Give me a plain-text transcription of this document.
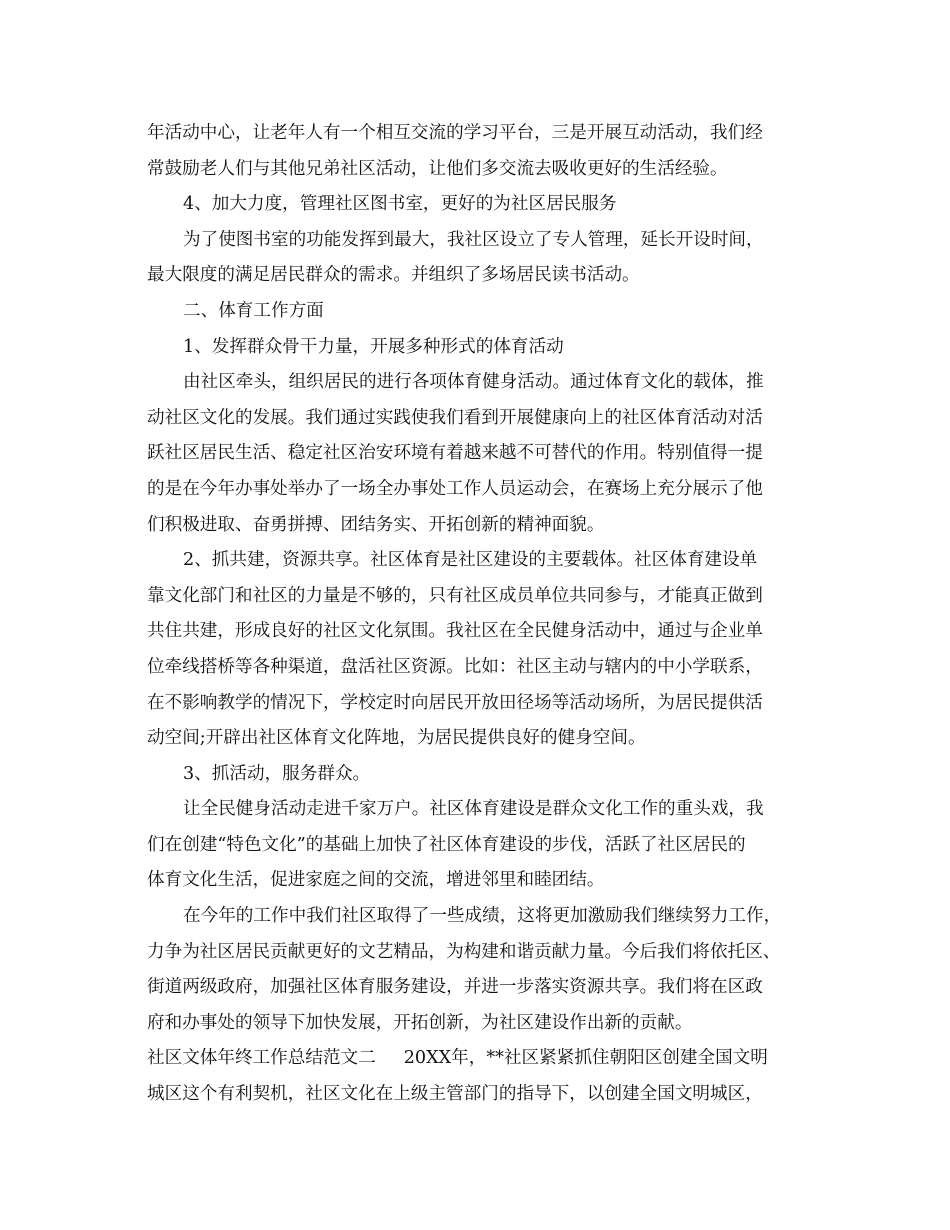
年活动中心，让老年人有一个相互交流的学习平台，三是开展互动活动，我们经
常鼓励老人们与其他兄弟社区活动，让他们多交流去吸收更好的生活经验。
4、加大力度，管理社区图书室，更好的为社区居民服务
为了使图书室的功能发挥到最大，我社区设立了专人管理，延长开设时间，
最大限度的满足居民群众的需求。并组织了多场居民读书活动。
二、体育工作方面
1、发挥群众骨干力量，开展多种形式的体育活动
由社区牵头，组织居民的进行各项体育健身活动。通过体育文化的载体，推
动社区文化的发展。我们通过实践使我们看到开展健康向上的社区体育活动对活
跃社区居民生活、稳定社区治安环境有着越来越不可替代的作用。特别值得一提
的是在今年办事处举办了一场全办事处工作人员运动会，在赛场上充分展示了他
们积极进取、奋勇拼搏、团结务实、开拓创新的精神面貌。
2、抓共建，资源共享。社区体育是社区建设的主要载体。社区体育建设单
靠文化部门和社区的力量是不够的，只有社区成员单位共同参与，才能真正做到
共住共建，形成良好的社区文化氛围。我社区在全民健身活动中，通过与企业单
位牵线搭桥等各种渠道，盘活社区资源。比如：社区主动与辖内的中小学联系，
在不影响教学的情况下，学校定时向居民开放田径场等活动场所，为居民提供活
动空间;开辟出社区体育文化阵地，为居民提供良好的健身空间。
3、抓活动，服务群众。
让全民健身活动走进千家万户。社区体育建设是群众文化工作的重头戏，我
们在创建“特色文化”的基础上加快了社区体育建设的步伐，活跃了社区居民的
体育文化生活，促进家庭之间的交流，增进邻里和睦团结。
在今年的工作中我们社区取得了一些成绩，这将更加激励我们继续努力工作，
力争为社区居民贡献更好的文艺精品，为构建和谐贡献力量。今后我们将依托区、
街道两级政府，加强社区体育服务建设，并进一步落实资源共享。我们将在区政
府和办事处的领导下加快发展，开拓创新，为社区建设作出新的贡献。
社区文体年终工作总结范文二 20XX年，**社区紧紧抓住朝阳区创建全国文明
城区这个有利契机，社区文化在上级主管部门的指导下，以创建全国文明城区，
